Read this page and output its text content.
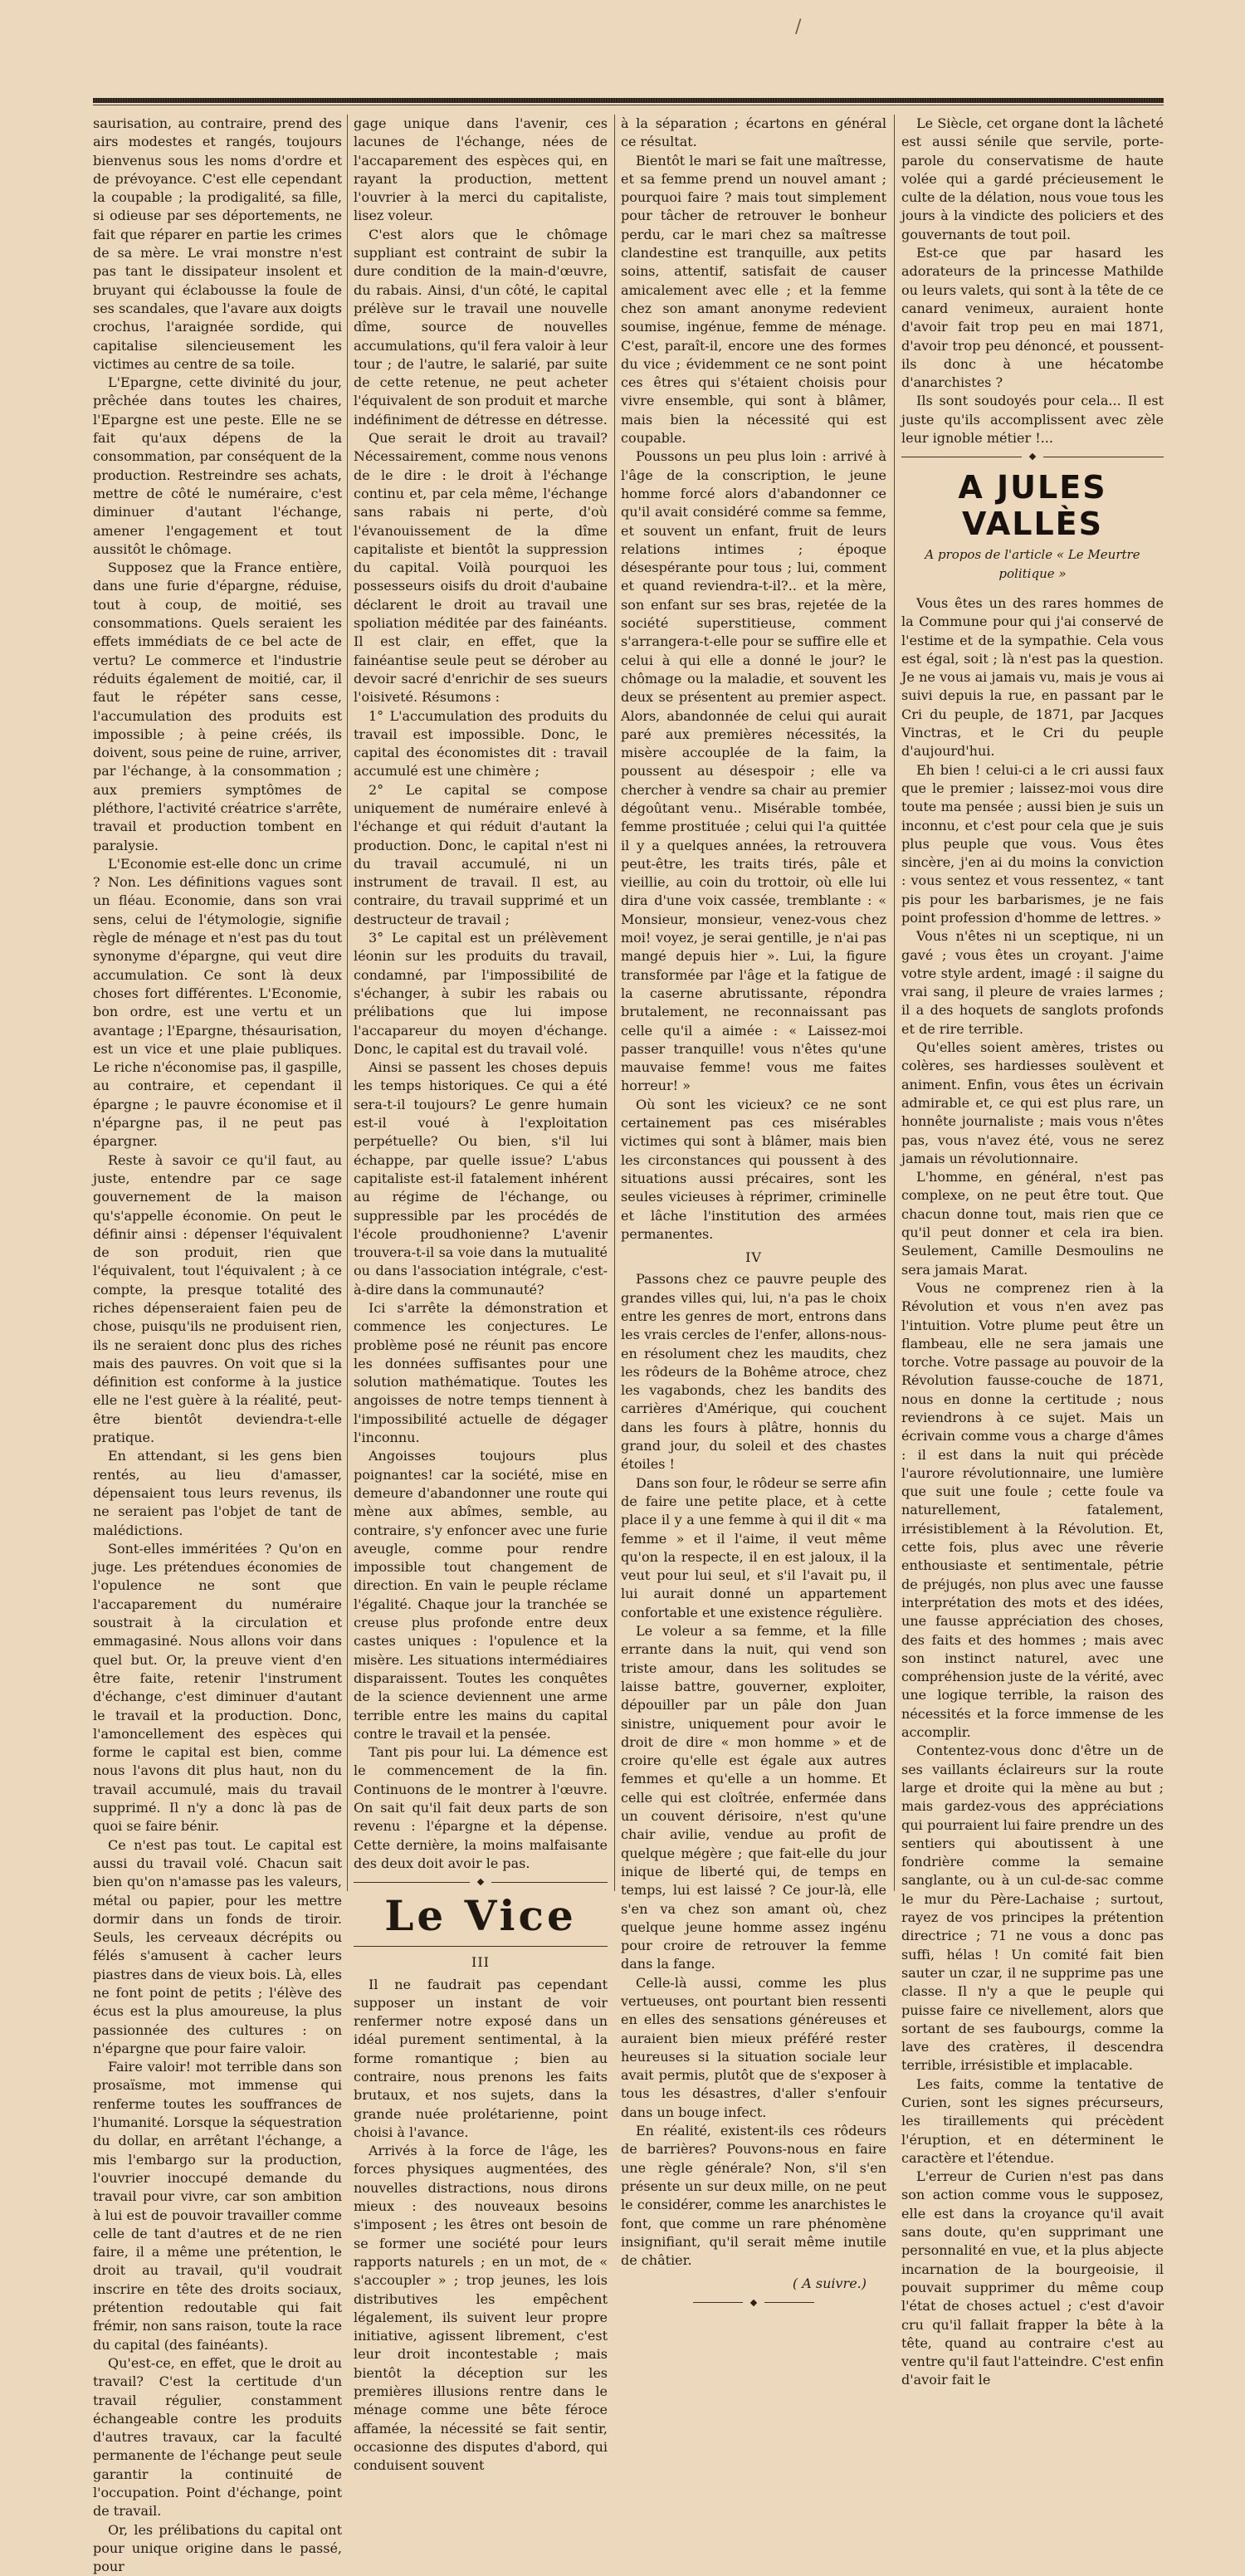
/

saurisation, au contraire, prend des airs modestes et rangés, toujours bienvenus sous les noms d'ordre et de prévoyance. C'est elle cependant la coupable ; la prodigalité, sa fille, si odieuse par ses déportements, ne fait que réparer en partie les crimes de sa mère. Le vrai monstre n'est pas tant le dissipateur insolent et bruyant qui éclabousse la foule de ses scandales, que l'avare aux doigts crochus, l'araignée sordide, qui capitalise silencieusement les victimes au centre de sa toile.

L'Epargne, cette divinité du jour, prêchée dans toutes les chaires, l'Epargne est une peste. Elle ne se fait qu'aux dépens de la consommation, par conséquent de la production. Restreindre ses achats, mettre de côté le numéraire, c'est diminuer d'autant l'échange, amener l'engagement et tout aussitôt le chômage.

Supposez que la France entière, dans une furie d'épargne, réduise, tout à coup, de moitié, ses consommations. Quels seraient les effets immédiats de ce bel acte de vertu? Le commerce et l'industrie réduits également de moitié, car, il faut le répéter sans cesse, l'accumulation des produits est impossible ; à peine créés, ils doivent, sous peine de ruine, arriver, par l'échange, à la consommation ; aux premiers symptômes de pléthore, l'activité créatrice s'arrête, travail et production tombent en paralysie.

L'Economie est-elle donc un crime ? Non. Les définitions vagues sont un fléau. Economie, dans son vrai sens, celui de l'étymologie, signifie règle de ménage et n'est pas du tout synonyme d'épargne, qui veut dire accumulation. Ce sont là deux choses fort différentes. L'Economie, bon ordre, est une vertu et un avantage ; l'Epargne, thésaurisation, est un vice et une plaie publiques. Le riche n'économise pas, il gaspille, au contraire, et cependant il épargne ; le pauvre économise et il n'épargne pas, il ne peut pas épargner.

Reste à savoir ce qu'il faut, au juste, entendre par ce sage gouvernement de la maison qu's'appelle économie. On peut le définir ainsi : dépenser l'équivalent de son produit, rien que l'équivalent, tout l'équivalent ; à ce compte, la presque totalité des riches dépenseraient faien peu de chose, puisqu'ils ne produisent rien, ils ne seraient donc plus des riches mais des pauvres. On voit que si la définition est conforme à la justice elle ne l'est guère à la réalité, peut-être bientôt deviendra-t-elle pratique.

En attendant, si les gens bien rentés, au lieu d'amasser, dépensaient tous leurs revenus, ils ne seraient pas l'objet de tant de malédictions.

Sont-elles imméritées ? Qu'on en juge. Les prétendues économies de l'opulence ne sont que l'accaparement du numéraire soustrait à la circulation et emmagasiné. Nous allons voir dans quel but. Or, la preuve vient d'en être faite, retenir l'instrument d'échange, c'est diminuer d'autant le travail et la production. Donc, l'amoncellement des espèces qui forme le capital est bien, comme nous l'avons dit plus haut, non du travail accumulé, mais du travail supprimé. Il n'y a donc là pas de quoi se faire bénir.

Ce n'est pas tout. Le capital est aussi du travail volé. Chacun sait bien qu'on n'amasse pas les valeurs, métal ou papier, pour les mettre dormir dans un fonds de tiroir. Seuls, les cerveaux décrépits ou félés s'amusent à cacher leurs piastres dans de vieux bois. Là, elles ne font point de petits ; l'élève des écus est la plus amoureuse, la plus passionnée des cultures : on n'épargne que pour faire valoir.

Faire valoir! mot terrible dans son prosaïsme, mot immense qui renferme toutes les souffrances de l'humanité. Lorsque la séquestration du dollar, en arrêtant l'échange, a mis l'embargo sur la production, l'ouvrier inoccupé demande du travail pour vivre, car son ambition à lui est de pouvoir travailler comme celle de tant d'autres et de ne rien faire, il a même une prétention, le droit au travail, qu'il voudrait inscrire en tête des droits sociaux, prétention redoutable qui fait frémir, non sans raison, toute la race du capital (des fainéants).

Qu'est-ce, en effet, que le droit au travail? C'est la certitude d'un travail régulier, constamment échangeable contre les produits d'autres travaux, car la faculté permanente de l'échange peut seule garantir la continuité de l'occupation. Point d'échange, point de travail.

Or, les prélibations du capital ont pour unique origine dans le passé, pour

gage unique dans l'avenir, ces lacunes de l'échange, nées de l'accaparement des espèces qui, en rayant la production, mettent l'ouvrier à la merci du capitaliste, lisez voleur.

C'est alors que le chômage suppliant est contraint de subir la dure condition de la main-d'œuvre, du rabais. Ainsi, d'un côté, le capital prélève sur le travail une nouvelle dîme, source de nouvelles accumulations, qu'il fera valoir à leur tour ; de l'autre, le salarié, par suite de cette retenue, ne peut acheter l'équivalent de son produit et marche indéfiniment de détresse en détresse.

Que serait le droit au travail? Nécessairement, comme nous venons de le dire : le droit à l'échange continu et, par cela même, l'échange sans rabais ni perte, d'où l'évanouissement de la dîme capitaliste et bientôt la suppression du capital. Voilà pourquoi les possesseurs oisifs du droit d'aubaine déclarent le droit au travail une spoliation méditée par des fainéants. Il est clair, en effet, que la fainéantise seule peut se dérober au devoir sacré d'enrichir de ses sueurs l'oisiveté. Résumons :

1° L'accumulation des produits du travail est impossible. Donc, le capital des économistes dit : travail accumulé est une chimère ;

2° Le capital se compose uniquement de numéraire enlevé à l'échange et qui réduit d'autant la production. Donc, le capital n'est ni du travail accumulé, ni un instrument de travail. Il est, au contraire, du travail supprimé et un destructeur de travail ;

3° Le capital est un prélèvement léonin sur les produits du travail, condamné, par l'impossibilité de s'échanger, à subir les rabais ou prélibations que lui impose l'accapareur du moyen d'échange. Donc, le capital est du travail volé.

Ainsi se passent les choses depuis les temps historiques. Ce qui a été sera-t-il toujours? Le genre humain est-il voué à l'exploitation perpétuelle? Ou bien, s'il lui échappe, par quelle issue? L'abus capitaliste est-il fatalement inhérent au régime de l'échange, ou suppressible par les procédés de l'école proudhonienne? L'avenir trouvera-t-il sa voie dans la mutualité ou dans l'association intégrale, c'est-à-dire dans la communauté?

Ici s'arrête la démonstration et commence les conjectures. Le problème posé ne réunit pas encore les données suffisantes pour une solution mathématique. Toutes les angoisses de notre temps tiennent à l'impossibilité actuelle de dégager l'inconnu.

Angoisses toujours plus poignantes! car la société, mise en demeure d'abandonner une route qui mène aux abîmes, semble, au contraire, s'y enfoncer avec une furie aveugle, comme pour rendre impossible tout changement de direction. En vain le peuple réclame l'égalité. Chaque jour la tranchée se creuse plus profonde entre deux castes uniques : l'opulence et la misère. Les situations intermédiaires disparaissent. Toutes les conquêtes de la science deviennent une arme terrible entre les mains du capital contre le travail et la pensée.

Tant pis pour lui. La démence est le commencement de la fin. Continuons de le montrer à l'œuvre. On sait qu'il fait deux parts de son revenu : l'épargne et la dépense. Cette dernière, la moins malfaisante des deux doit avoir le pas.

Le Vice
III

Il ne faudrait pas cependant supposer un instant de voir renfermer notre exposé dans un idéal purement sentimental, à la forme romantique ; bien au contraire, nous prenons les faits brutaux, et nos sujets, dans la grande nuée prolétarienne, point choisi à l'avance.

Arrivés à la force de l'âge, les forces physiques augmentées, des nouvelles distractions, nous dirons mieux : des nouveaux besoins s'imposent ; les êtres ont besoin de se former une société pour leurs rapports naturels ; en un mot, de « s'accoupler » ; trop jeunes, les lois distributives les empêchent légalement, ils suivent leur propre initiative, agissent librement, c'est leur droit incontestable ; mais bientôt la déception sur les premières illusions rentre dans le ménage comme une bête féroce affamée, la nécessité se fait sentir, occasionne des disputes d'abord, qui conduisent souvent

à la séparation ; écartons en général ce résultat.

Bientôt le mari se fait une maîtresse, et sa femme prend un nouvel amant ; pourquoi faire ? mais tout simplement pour tâcher de retrouver le bonheur perdu, car le mari chez sa maîtresse clandestine est tranquille, aux petits soins, attentif, satisfait de causer amicalement avec elle ; et la femme chez son amant anonyme redevient soumise, ingénue, femme de ménage. C'est, paraît-il, encore une des formes du vice ; évidemment ce ne sont point ces êtres qui s'étaient choisis pour vivre ensemble, qui sont à blâmer, mais bien la nécessité qui est coupable.

Poussons un peu plus loin : arrivé à l'âge de la conscription, le jeune homme forcé alors d'abandonner ce qu'il avait considéré comme sa femme, et souvent un enfant, fruit de leurs relations intimes ; époque désespérante pour tous ; lui, comment et quand reviendra-t-il?.. et la mère, son enfant sur ses bras, rejetée de la société superstitieuse, comment s'arrangera-t-elle pour se suffire elle et celui à qui elle a donné le jour? le chômage ou la maladie, et souvent les deux se présentent au premier aspect. Alors, abandonnée de celui qui aurait paré aux premières nécessités, la misère accouplée de la faim, la poussent au désespoir ; elle va chercher à vendre sa chair au premier dégoûtant venu.. Misérable tombée, femme prostituée ; celui qui l'a quittée il y a quelques années, la retrouvera peut-être, les traits tirés, pâle et vieillie, au coin du trottoir, où elle lui dira d'une voix cassée, tremblante : « Monsieur, monsieur, venez-vous chez moi! voyez, je serai gentille, je n'ai pas mangé depuis hier ». Lui, la figure transformée par l'âge et la fatigue de la caserne abrutissante, répondra brutalement, ne reconnaissant pas celle qu'il a aimée : « Laissez-moi passer tranquille! vous n'êtes qu'une mauvaise femme! vous me faites horreur! »

Où sont les vicieux? ce ne sont certainement pas ces misérables victimes qui sont à blâmer, mais bien les circonstances qui poussent à des situations aussi précaires, sont les seules vicieuses à réprimer, criminelle et lâche l'institution des armées permanentes.

IV

Passons chez ce pauvre peuple des grandes villes qui, lui, n'a pas le choix entre les genres de mort, entrons dans les vrais cercles de l'enfer, allons-nous-en résolument chez les maudits, chez les rôdeurs de la Bohême atroce, chez les vagabonds, chez les bandits des carrières d'Amérique, qui couchent dans les fours à plâtre, honnis du grand jour, du soleil et des chastes étoiles !

Dans son four, le rôdeur se serre afin de faire une petite place, et à cette place il y a une femme à qui il dit « ma femme » et il l'aime, il veut même qu'on la respecte, il en est jaloux, il la veut pour lui seul, et s'il l'avait pu, il lui aurait donné un appartement confortable et une existence régulière.

Le voleur a sa femme, et la fille errante dans la nuit, qui vend son triste amour, dans les solitudes se laisse battre, gouverner, exploiter, dépouiller par un pâle don Juan sinistre, uniquement pour avoir le droit de dire « mon homme » et de croire qu'elle est égale aux autres femmes et qu'elle a un homme. Et celle qui est cloîtrée, enfermée dans un couvent dérisoire, n'est qu'une chair avilie, vendue au profit de quelque mégère ; que fait-elle du jour inique de liberté qui, de temps en temps, lui est laissé ? Ce jour-là, elle s'en va chez son amant où, chez quelque jeune homme assez ingénu pour croire de retrouver la femme dans la fange.

Celle-là aussi, comme les plus vertueuses, ont pourtant bien ressenti en elles des sensations généreuses et auraient bien mieux préféré rester heureuses si la situation sociale leur avait permis, plutôt que de s'exposer à tous les désastres, d'aller s'enfouir dans un bouge infect.

En réalité, existent-ils ces rôdeurs de barrières? Pouvons-nous en faire une règle générale? Non, s'il s'en présente un sur deux mille, on ne peut le considérer, comme les anarchistes le font, que comme un rare phénomène insignifiant, qu'il serait même inutile de châtier.

( A suivre.)

Le Siècle, cet organe dont la lâcheté est aussi sénile que servile, porte-parole du conservatisme de haute volée qui a gardé précieusement le culte de la délation, nous voue tous les jours à la vindicte des policiers et des gouvernants de tout poil.

Est-ce que par hasard les adorateurs de la princesse Mathilde ou leurs valets, qui sont à la tête de ce canard venimeux, auraient honte d'avoir fait trop peu en mai 1871, d'avoir trop peu dénoncé, et poussent-ils donc à une hécatombe d'anarchistes ?

Ils sont soudoyés pour cela... Il est juste qu'ils accomplissent avec zèle leur ignoble métier !...

A JULES VALLÈS
A propos de l'article « Le Meurtre politique »

Vous êtes un des rares hommes de la Commune pour qui j'ai conservé de l'estime et de la sympathie. Cela vous est égal, soit ; là n'est pas la question. Je ne vous ai jamais vu, mais je vous ai suivi depuis la rue, en passant par le Cri du peuple, de 1871, par Jacques Vinctras, et le Cri du peuple d'aujourd'hui.

Eh bien ! celui-ci a le cri aussi faux que le premier ; laissez-moi vous dire toute ma pensée ; aussi bien je suis un inconnu, et c'est pour cela que je suis plus peuple que vous. Vous êtes sincère, j'en ai du moins la conviction : vous sentez et vous ressentez, « tant pis pour les barbarismes, je ne fais point profession d'homme de lettres. »

Vous n'êtes ni un sceptique, ni un gavé ; vous êtes un croyant. J'aime votre style ardent, imagé : il saigne du vrai sang, il pleure de vraies larmes ; il a des hoquets de sanglots profonds et de rire terrible.

Qu'elles soient amères, tristes ou colères, ses hardiesses soulèvent et animent. Enfin, vous êtes un écrivain admirable et, ce qui est plus rare, un honnête journaliste ; mais vous n'êtes pas, vous n'avez été, vous ne serez jamais un révolutionnaire.

L'homme, en général, n'est pas complexe, on ne peut être tout. Que chacun donne tout, mais rien que ce qu'il peut donner et cela ira bien. Seulement, Camille Desmoulins ne sera jamais Marat.

Vous ne comprenez rien à la Révolution et vous n'en avez pas l'intuition. Votre plume peut être un flambeau, elle ne sera jamais une torche. Votre passage au pouvoir de la Révolution fausse-couche de 1871, nous en donne la certitude ; nous reviendrons à ce sujet. Mais un écrivain comme vous a charge d'âmes : il est dans la nuit qui précède l'aurore révolutionnaire, une lumière que suit une foule ; cette foule va naturellement, fatalement, irrésistiblement à la Révolution. Et, cette fois, plus avec une rêverie enthousiaste et sentimentale, pétrie de préjugés, non plus avec une fausse interprétation des mots et des idées, une fausse appréciation des choses, des faits et des hommes ; mais avec son instinct naturel, avec une compréhension juste de la vérité, avec une logique terrible, la raison des nécessités et la force immense de les accomplir.

Contentez-vous donc d'être un de ses vaillants éclaireurs sur la route large et droite qui la mène au but ; mais gardez-vous des appréciations qui pourraient lui faire prendre un des sentiers qui aboutissent à une fondrière comme la semaine sanglante, ou à un cul-de-sac comme le mur du Père-Lachaise ; surtout, rayez de vos principes la prétention directrice ; 71 ne vous a donc pas suffi, hélas ! Un comité fait bien sauter un czar, il ne supprime pas une classe. Il n'y a que le peuple qui puisse faire ce nivellement, alors que sortant de ses faubourgs, comme la lave des cratères, il descendra terrible, irrésistible et implacable.

Les faits, comme la tentative de Curien, sont les signes précurseurs, les tiraillements qui précèdent l'éruption, et en déterminent le caractère et l'étendue.

L'erreur de Curien n'est pas dans son action comme vous le supposez, elle est dans la croyance qu'il avait sans doute, qu'en supprimant une personnalité en vue, et la plus abjecte incarnation de la bourgeoisie, il pouvait supprimer du même coup l'état de choses actuel ; c'est d'avoir cru qu'il fallait frapper la bête à la tête, quand au contraire c'est au ventre qu'il faut l'atteindre. C'est enfin d'avoir fait le
